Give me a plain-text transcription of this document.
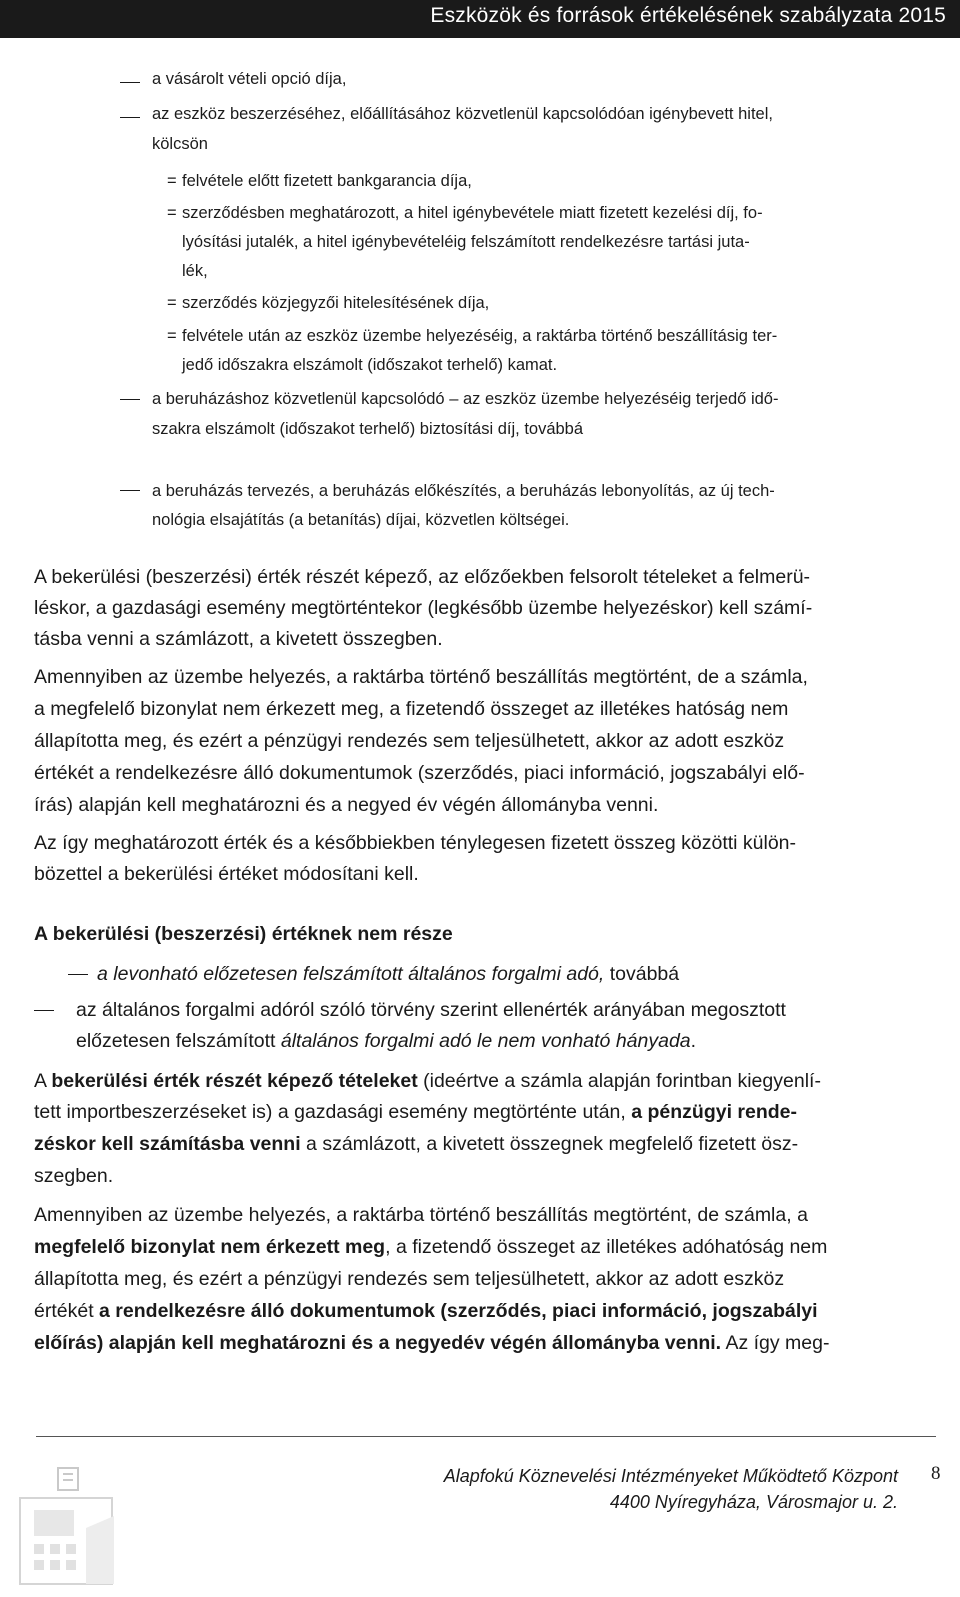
Eszközök és források értékelésének szabályzata 2015
a vásárolt vételi opció díja,
az eszköz beszerzéséhez, előállításához közvetlenül kapcsolódóan igénybevett hitel,
kölcsön
= felvétele előtt fizetett bankgarancia díja,
= szerződésben meghatározott, a hitel igénybevétele miatt fizetett kezelési díj, fo-
lyósítási jutalék, a hitel igénybevételéig felszámított rendelkezésre tartási juta-
lék,
= szerződés közjegyzői hitelesítésének díja,
= felvétele után az eszköz üzembe helyezéséig, a raktárba történő beszállításig ter-
jedő időszakra elszámolt (időszakot terhelő) kamat.
a beruházáshoz közvetlenül kapcsolódó – az eszköz üzembe helyezéséig terjedő idő-
szakra elszámolt (időszakot terhelő) biztosítási díj, továbbá
a beruházás tervezés, a beruházás előkészítés, a beruházás lebonyolítás, az új tech-
nológia elsajátítás (a betanítás) díjai, közvetlen költségei.
A bekerülési (beszerzési) érték részét képező, az előzőekben felsorolt tételeket a felmerü-
léskor, a gazdasági esemény megtörténtekor (legkésőbb üzembe helyezéskor) kell számí-
tásba venni a számlázott, a kivetett összegben.
Amennyiben az üzembe helyezés, a raktárba történő beszállítás megtörtént, de a számla,
a megfelelő bizonylat nem érkezett meg, a fizetendő összeget az illetékes hatóság nem
állapította meg, és ezért a pénzügyi rendezés sem teljesülhetett, akkor az adott eszköz
értékét a rendelkezésre álló dokumentumok (szerződés, piaci információ, jogszabályi elő-
írás) alapján kell meghatározni és a negyed év végén állományba venni.
Az így meghatározott érték és a későbbiekben ténylegesen fizetett összeg közötti külön-
bözettel a bekerülési értéket módosítani kell.
A bekerülési (beszerzési) értéknek nem része
a levonható előzetesen felszámított általános forgalmi adó, továbbá
az általános forgalmi adóról szóló törvény szerint ellenérték arányában megosztott
előzetesen felszámított általános forgalmi adó le nem vonható hányada.
A bekerülési érték részét képező tételeket (ideértve a számla alapján forintban kiegyenlí-
tett importbeszerzéseket is) a gazdasági esemény megtörténte után, a pénzügyi rende-
zéskor kell számításba venni a számlázott, a kivetett összegnek megfelelő fizetett ösz-
szegben.
Amennyiben az üzembe helyezés, a raktárba történő beszállítás megtörtént, de számla, a
megfelelő bizonylat nem érkezett meg, a fizetendő összeget az illetékes adóhatóság nem
állapította meg, és ezért a pénzügyi rendezés sem teljesülhetett, akkor az adott eszköz
értékét a rendelkezésre álló dokumentumok (szerződés, piaci információ, jogszabályi
előírás) alapján kell meghatározni és a negyedév végén állományba venni. Az így meg-
Alapfokú Köznevelési Intézményeket Működtető Központ
4400 Nyíregyháza, Városmajor u. 2.
8
